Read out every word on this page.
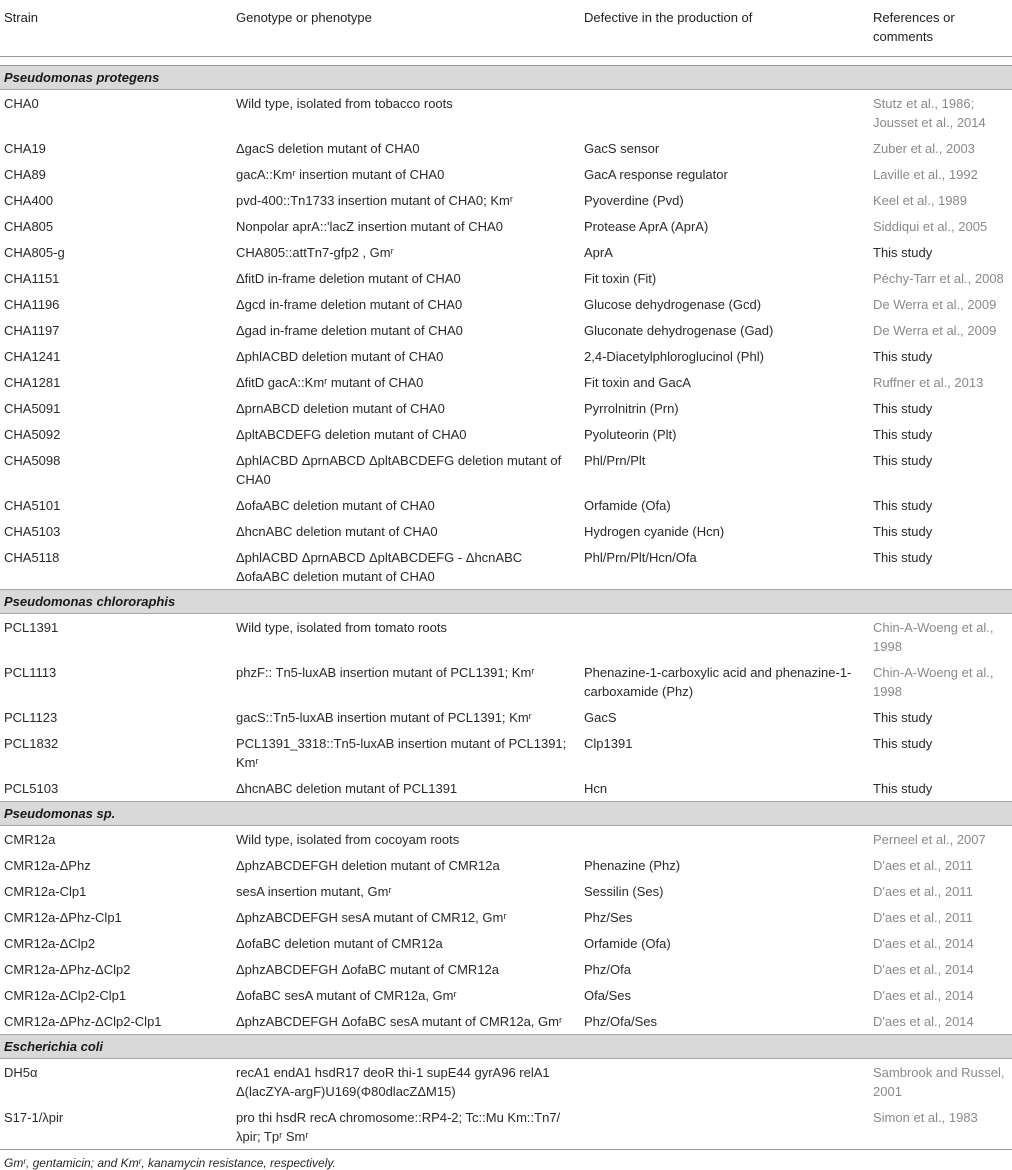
Strain	Genotype or phenotype	Defective in the production of	References or comments

Pseudomonas protegens			
CHA0	Wild type, isolated from tobacco roots		Stutz et al., 1986; Jousset et al., 2014
CHA19	ΔgacS deletion mutant of CHA0	GacS sensor	Zuber et al., 2003
CHA89	gacA::Kmʳ insertion mutant of CHA0	GacA response regulator	Laville et al., 1992
CHA400	pvd-400::Tn1733 insertion mutant of CHA0; Kmʳ	Pyoverdine (Pvd)	Keel et al., 1989
CHA805	Nonpolar aprA::'lacZ insertion mutant of CHA0	Protease AprA (AprA)	Siddiqui et al., 2005
CHA805-g	CHA805::attTn7-gfp2 , Gmʳ	AprA	This study
CHA1151	ΔfitD in-frame deletion mutant of CHA0	Fit toxin (Fit)	Péchy-Tarr et al., 2008
CHA1196	Δgcd in-frame deletion mutant of CHA0	Glucose dehydrogenase (Gcd)	De Werra et al., 2009
CHA1197	Δgad in-frame deletion mutant of CHA0	Gluconate dehydrogenase (Gad)	De Werra et al., 2009
CHA1241	ΔphlACBD deletion mutant of CHA0	2,4-Diacetylphloroglucinol (Phl)	This study
CHA1281	ΔfitD gacA::Kmʳ mutant of CHA0	Fit toxin and GacA	Ruffner et al., 2013
CHA5091	ΔprnABCD deletion mutant of CHA0	Pyrrolnitrin (Prn)	This study
CHA5092	ΔpltABCDEFG deletion mutant of CHA0	Pyoluteorin (Plt)	This study
CHA5098	ΔphlACBD ΔprnABCD ΔpltABCDEFG deletion mutant of CHA0	Phl/Prn/Plt	This study
CHA5101	ΔofaABC deletion mutant of CHA0	Orfamide (Ofa)	This study
CHA5103	ΔhcnABC deletion mutant of CHA0	Hydrogen cyanide (Hcn)	This study
CHA5118	ΔphlACBD ΔprnABCD ΔpltABCDEFG - ΔhcnABC ΔofaABC deletion mutant of CHA0	Phl/Prn/Plt/Hcn/Ofa	This study
Pseudomonas chlororaphis			
PCL1391	Wild type, isolated from tomato roots		Chin-A-Woeng et al., 1998
PCL1113	phzF:: Tn5-luxAB insertion mutant of PCL1391; Kmʳ	Phenazine-1-carboxylic acid and phenazine-1-carboxamide (Phz)	Chin-A-Woeng et al., 1998
PCL1123	gacS::Tn5-luxAB insertion mutant of PCL1391; Kmʳ	GacS	This study
PCL1832	PCL1391_3318::Tn5-luxAB insertion mutant of PCL1391; Kmʳ	Clp1391	This study
PCL5103	ΔhcnABC deletion mutant of PCL1391	Hcn	This study
Pseudomonas sp.			
CMR12a	Wild type, isolated from cocoyam roots		Perneel et al., 2007
CMR12a-ΔPhz	ΔphzABCDEFGH deletion mutant of CMR12a	Phenazine (Phz)	D'aes et al., 2011
CMR12a-Clp1	sesA insertion mutant, Gmʳ	Sessilin (Ses)	D'aes et al., 2011
CMR12a-ΔPhz-Clp1	ΔphzABCDEFGH sesA mutant of CMR12, Gmʳ	Phz/Ses	D'aes et al., 2011
CMR12a-ΔClp2	ΔofaBC deletion mutant of CMR12a	Orfamide (Ofa)	D'aes et al., 2014
CMR12a-ΔPhz-ΔClp2	ΔphzABCDEFGH ΔofaBC mutant of CMR12a	Phz/Ofa	D'aes et al., 2014
CMR12a-ΔClp2-Clp1	ΔofaBC sesA mutant of CMR12a, Gmʳ	Ofa/Ses	D'aes et al., 2014
CMR12a-ΔPhz-ΔClp2-Clp1	ΔphzABCDEFGH ΔofaBC sesA mutant of CMR12a, Gmʳ	Phz/Ofa/Ses	D'aes et al., 2014
Escherichia coli			
DH5α	recA1 endA1 hsdR17 deoR thi-1 supE44 gyrA96 relA1 Δ(lacZYA-argF)U169(Φ80dlacZΔM15)		Sambrook and Russel, 2001
S17-1/λpir	pro thi hsdR recA chromosome::RP4-2; Tc::Mu Km::Tn7/ λpir; Tpʳ Smʳ		Simon et al., 1983
Gmʳ, gentamicin; and Kmʳ, kanamycin resistance, respectively.
